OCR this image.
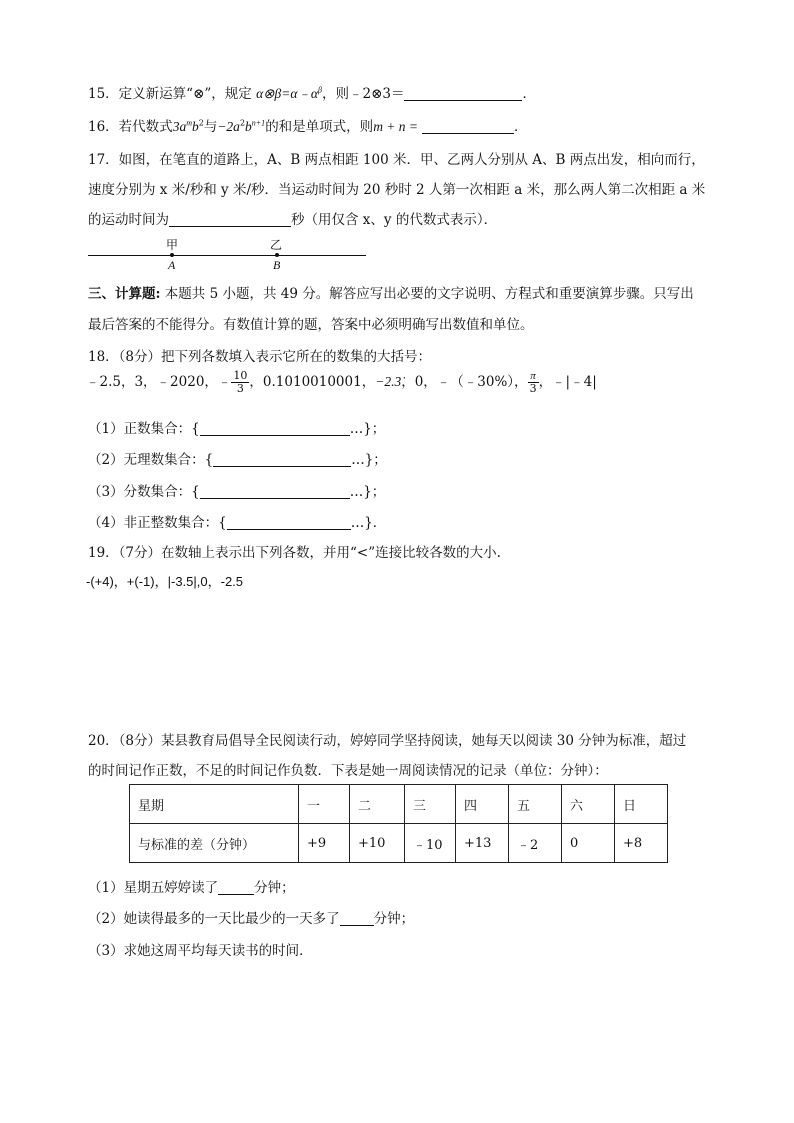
15．定义新运算“⊗”，规定 $\alpha\otimes\beta=\alpha﹣\alpha^\beta$，则﹣2⊗3＝	．
16．若代数式$3a^mb^2$与$-2a^2b^{n+1}$的和是单项式，则m + n =	．
17．如图，在笔直的道路上，A、B 两点相距 100 米．甲、乙两人分别从 A、B 两点出发，相向而行，
速度分别为 x 米/秒和 y 米/秒．当运动时间为 20 秒时 2 人第一次相距 a 米，那么两人第二次相距 a 米
的运动时间为	秒（用仅含 x、y 的代数式表示）．
甲	乙
A	B
三、计算题: 本题共 5 小题，共 49 分。解答应写出必要的文字说明、方程式和重要演算步骤。只写出
最后答案的不能得分。有数值计算的题，答案中必须明确写出数值和单位。
18．（8分）把下列各数填入表示它所在的数集的大括号：
﹣2.5，3，﹣2020，﹣ $\frac{10}{3}$ ，0.1010010001，−2.3̇，0，﹣（﹣30%）， $\frac{\pi}{3}$ ，﹣|﹣4|
（1）正数集合：{	…}；
（2）无理数集合：{	…}；
（3）分数集合：{	…}；
（4）非正整数集合：{	…}．
19．（7分）在数轴上表示出下列各数，并用“<”连接比较各数的大小.
-(+4)，+(-1)，|-3.5|,0，-2.5
20．（8分）某县教育局倡导全民阅读行动，婷婷同学坚持阅读，她每天以阅读 30 分钟为标准，超过
的时间记作正数，不足的时间记作负数．下表是她一周阅读情况的记录（单位：分钟）：
星期	一	二	三	四	五	六	日
与标准的差（分钟）	+9	+10	﹣10	+13	﹣2	0	+8
（1）星期五婷婷读了	分钟；
（2）她读得最多的一天比最少的一天多了	分钟；
（3）求她这周平均每天读书的时间．
